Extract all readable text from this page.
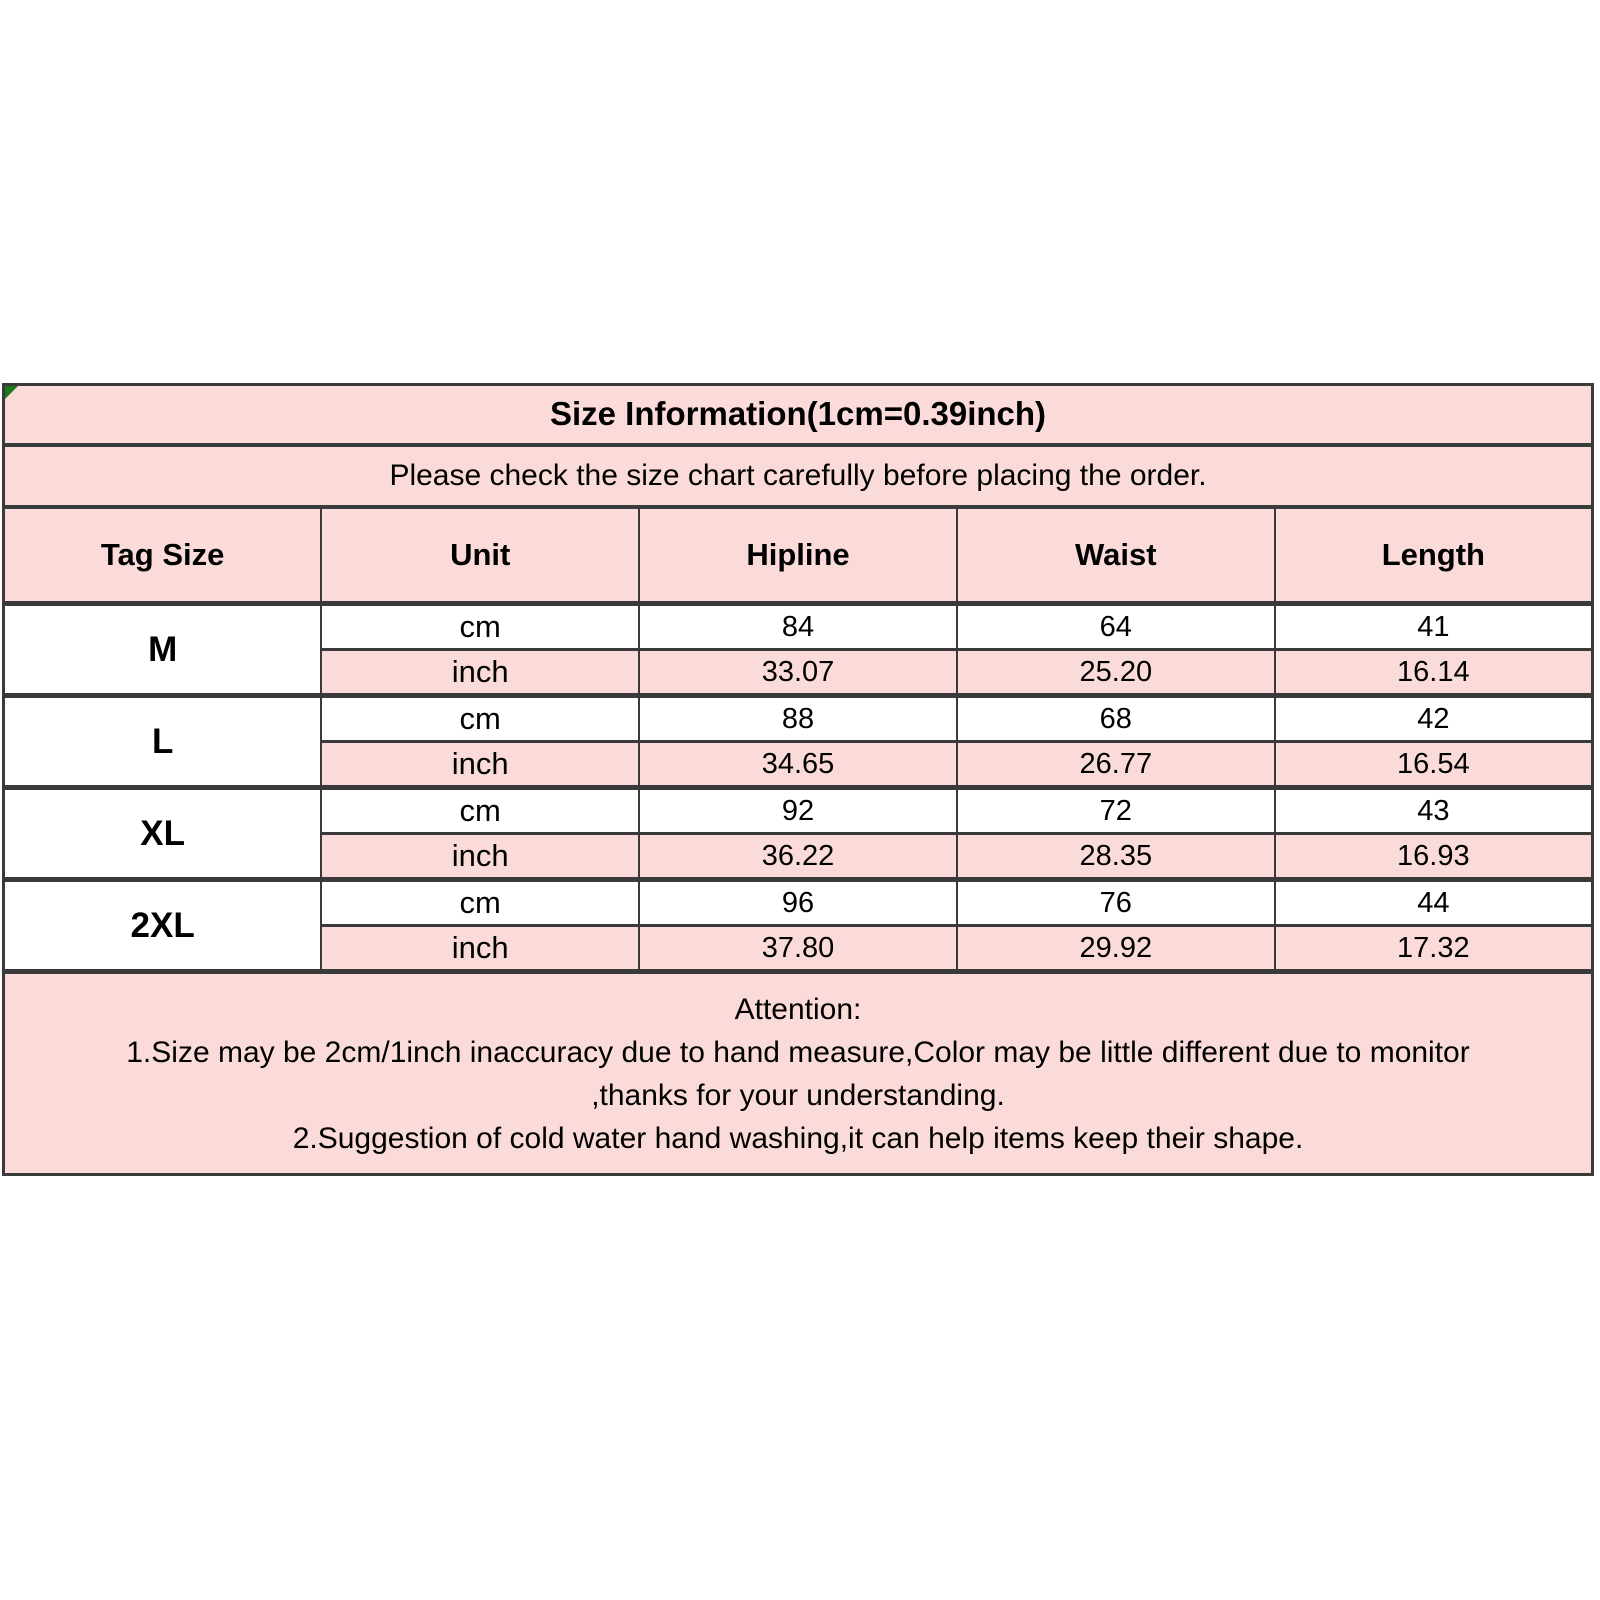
Size Information(1cm=0.39inch)				
Please check the size chart carefully before placing the order.				
Tag Size	Unit	Hipline	Waist	Length
M	cm	84	64	41
	inch	33.07	25.20	16.14
L	cm	88	68	42
	inch	34.65	26.77	16.54
XL	cm	92	72	43
	inch	36.22	28.35	16.93
2XL	cm	96	76	44
	inch	37.80	29.92	17.32

Attention:
1.Size may be 2cm/1inch inaccuracy due to hand measure,Color may be little different due to monitor
,thanks for your understanding.
2.Suggestion of cold water hand washing,it can help items keep their shape.				
